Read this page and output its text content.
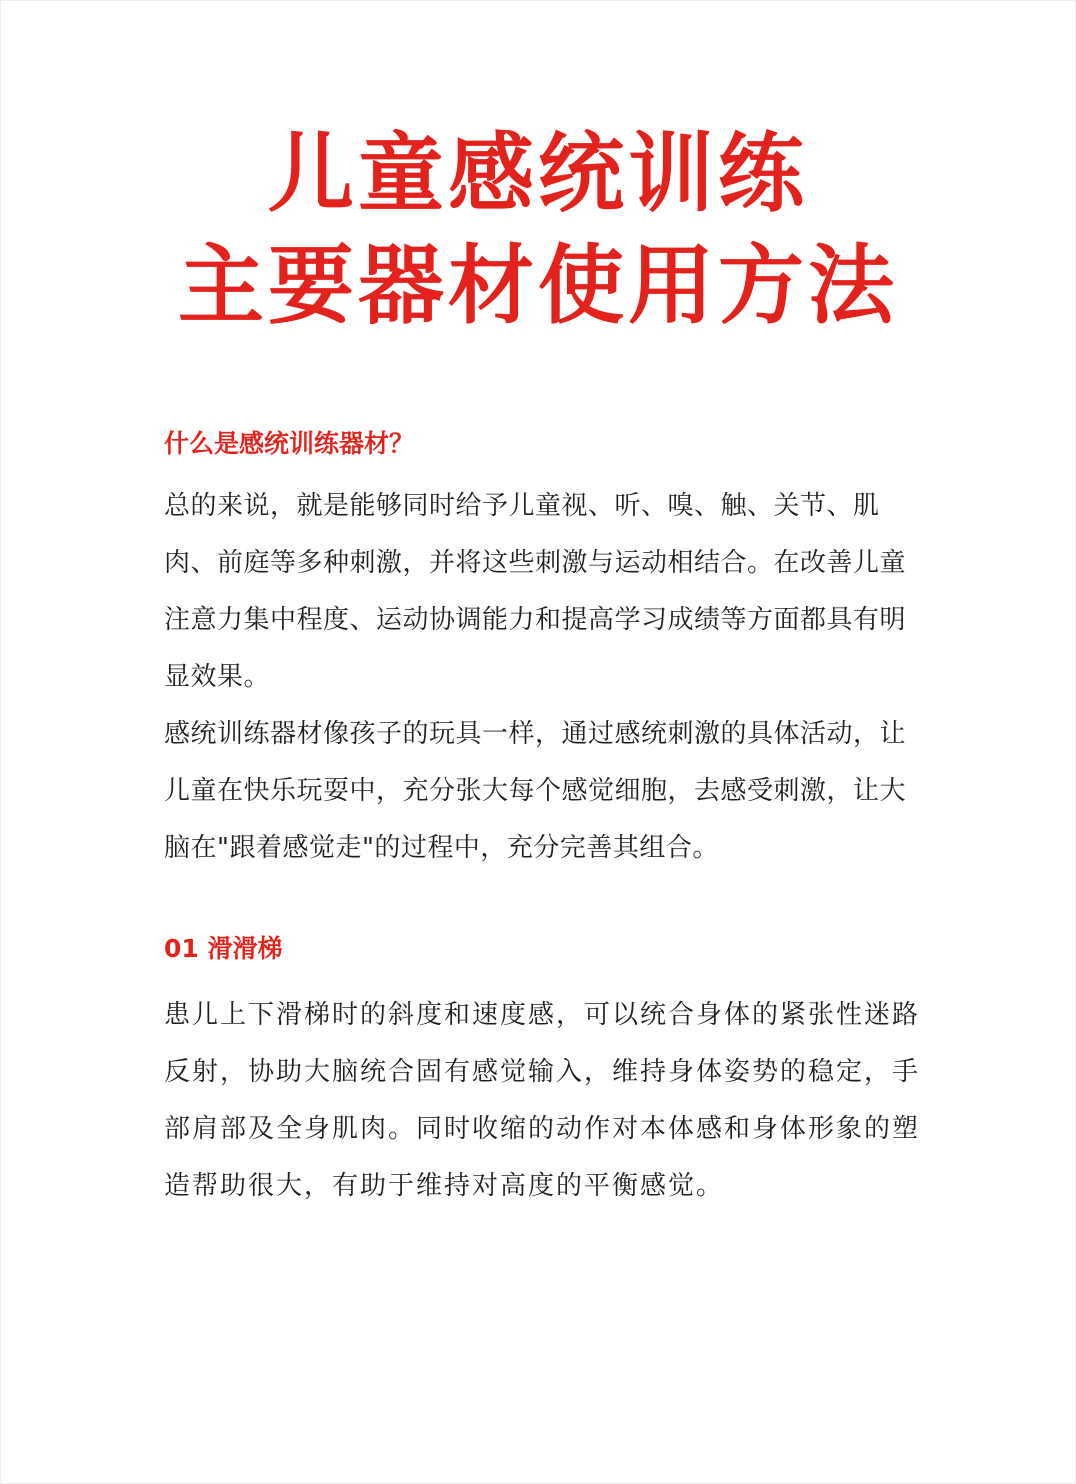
儿童感统训练
主要器材使用方法
什么是感统训练器材？

总的来说，就是能够同时给予儿童视、听、嗅、触、关节、肌肉、前庭等多种刺激，并将这些刺激与运动相结合。在改善儿童注意力集中程度、运动协调能力和提高学习成绩等方面都具有明显效果。

感统训练器材像孩子的玩具一样，通过感统刺激的具体活动，让儿童在快乐玩耍中，充分张大每个感觉细胞，去感受刺激，让大脑在"跟着感觉走"的过程中，充分完善其组合。

01 滑滑梯

患儿上下滑梯时的斜度和速度感，可以统合身体的紧张性迷路反射，协助大脑统合固有感觉输入，维持身体姿势的稳定，手部肩部及全身肌肉。同时收缩的动作对本体感和身体形象的塑造帮助很大，有助于维持对高度的平衡感觉。
